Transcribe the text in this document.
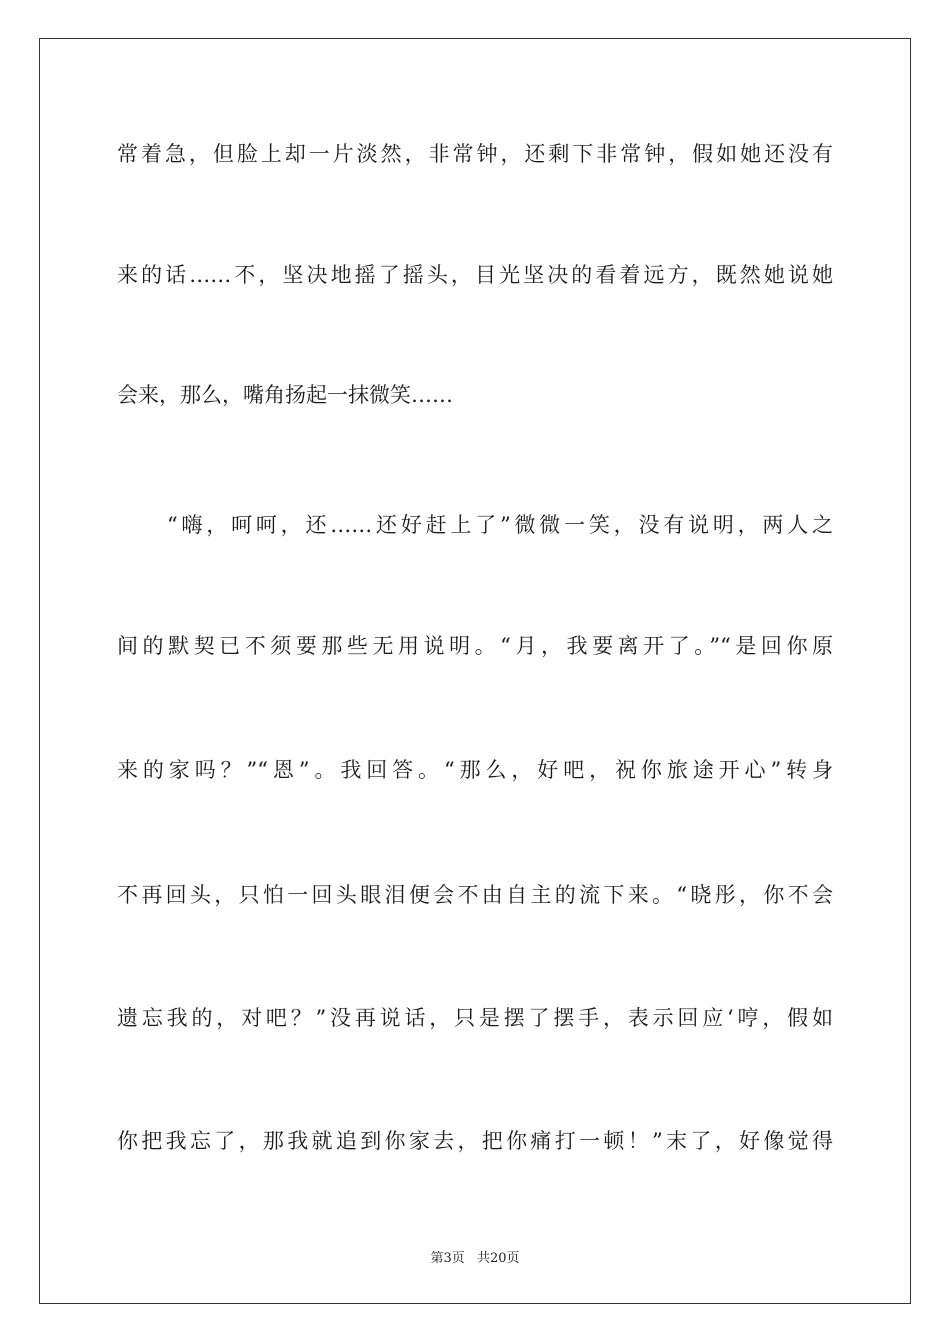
常着急，但脸上却一片淡然，非常钟，还剩下非常钟，假如她还没有
来的话……不，坚决地摇了摇头，目光坚决的看着远方，既然她说她
会来，那么，嘴角扬起一抹微笑……
“嗨，呵呵，还……还好赶上了”微微一笑，没有说明，两人之
间的默契已不须要那些无用说明。“月，我要离开了。”“是回你原
来的家吗？”“恩”。我回答。“那么，好吧，祝你旅途开心”转身
不再回头，只怕一回头眼泪便会不由自主的流下来。“晓彤，你不会
遗忘我的，对吧？”没再说话，只是摆了摆手，表示回应‘哼，假如
你把我忘了，那我就追到你家去，把你痛打一顿！”末了，好像觉得
第3页 共20页
